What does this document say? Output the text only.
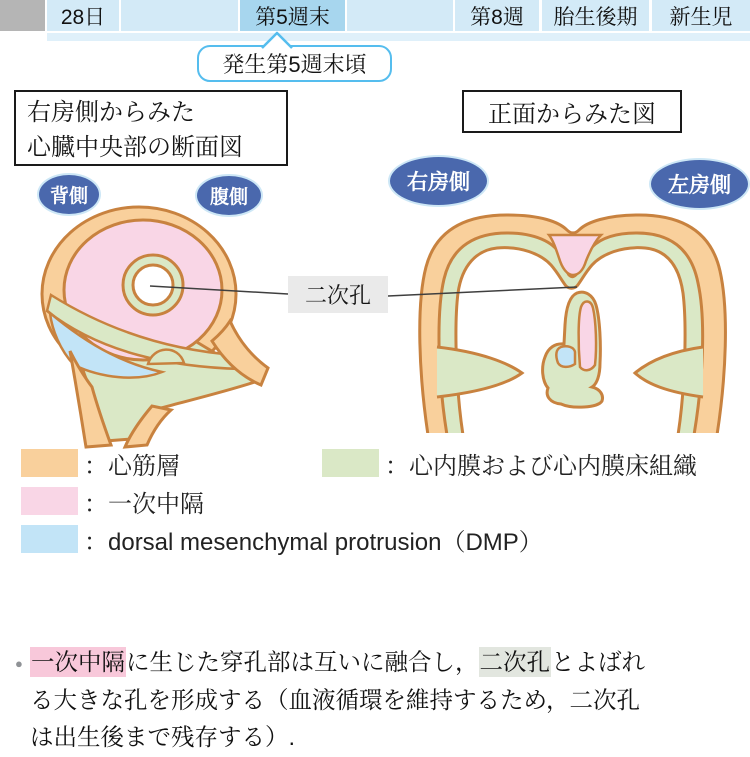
28日	第5週末	第8週	胎生後期	新生児
発生第5週末頃
右房側からみた
心臓中央部の断面図
正面からみた図
背側	腹側
右房側	左房側
二次孔
：心筋層	：心内膜および心内膜床組織
：一次中隔
：dorsal mesenchymal protrusion（DMP）
● 一次中隔に生じた穿孔部は互いに融合し，二次孔とよばれ
る大きな孔を形成する（血液循環を維持するため，二次孔
は出生後まで残存する）.
